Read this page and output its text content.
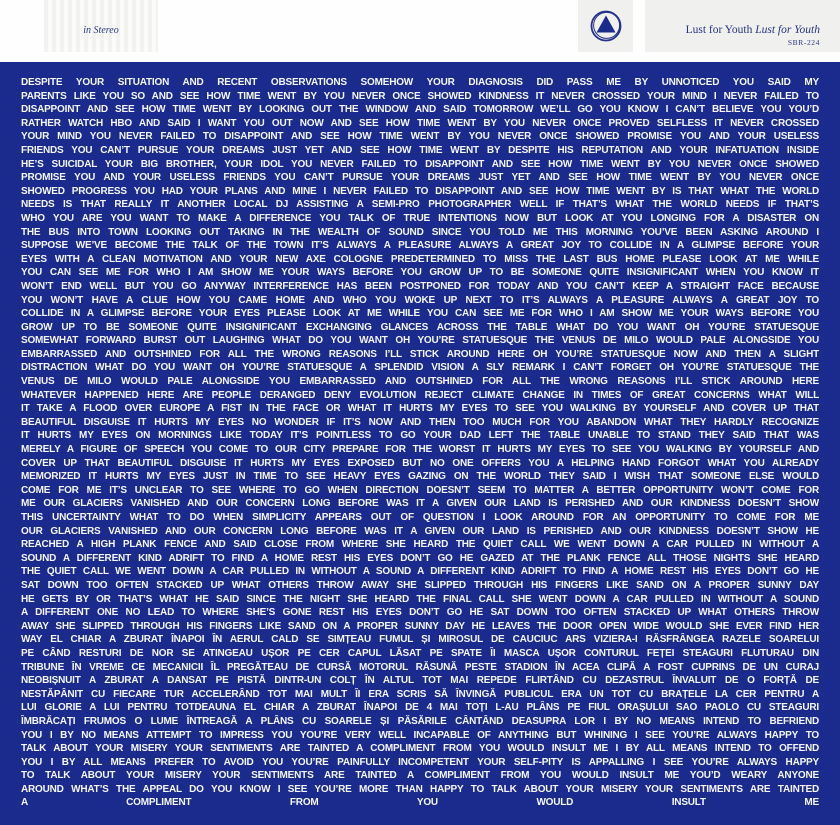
in Stereo	Lust for Youth Lust for Youth
SBR-224
DESPITE YOUR SITUATION AND RECENT OBSERVATIONS SOMEHOW YOUR DIAGNOSIS DID PASS ME BY UNNOTICED YOU SAID MY
PARENTS LIKE YOU SO AND SEE HOW TIME WENT BY YOU NEVER ONCE SHOWED KINDNESS IT NEVER CROSSED YOUR MIND I NEVER FAILED TO
DISAPPOINT AND SEE HOW TIME WENT BY LOOKING OUT THE WINDOW AND SAID TOMORROW WE’LL GO YOU KNOW I CAN’T BELIEVE YOU YOU’D
RATHER WATCH HBO AND SAID I WANT YOU OUT NOW AND SEE HOW TIME WENT BY YOU NEVER ONCE PROVED SELFLESS IT NEVER CROSSED
YOUR MIND YOU NEVER FAILED TO DISAPPOINT AND SEE HOW TIME WENT BY YOU NEVER ONCE SHOWED PROMISE YOU AND YOUR USELESS
FRIENDS YOU CAN’T PURSUE YOUR DREAMS JUST YET AND SEE HOW TIME WENT BY DESPITE HIS REPUTATION AND YOUR INFATUATION INSIDE
HE’S SUICIDAL YOUR BIG BROTHER, YOUR IDOL YOU NEVER FAILED TO DISAPPOINT AND SEE HOW TIME WENT BY YOU NEVER ONCE SHOWED
PROMISE YOU AND YOUR USELESS FRIENDS YOU CAN’T PURSUE YOUR DREAMS JUST YET AND SEE HOW TIME WENT BY YOU NEVER ONCE
SHOWED PROGRESS YOU HAD YOUR PLANS AND MINE I NEVER FAILED TO DISAPPOINT AND SEE HOW TIME WENT BY IS THAT WHAT THE WORLD
NEEDS IS THAT REALLY IT ANOTHER LOCAL DJ ASSISTING A SEMI-PRO PHOTOGRAPHER WELL IF THAT’S WHAT THE WORLD NEEDS IF THAT’S
WHO YOU ARE YOU WANT TO MAKE A DIFFERENCE YOU TALK OF TRUE INTENTIONS NOW BUT LOOK AT YOU LONGING FOR A DISASTER ON
THE BUS INTO TOWN LOOKING OUT TAKING IN THE WEALTH OF SOUND SINCE YOU TOLD ME THIS MORNING YOU’VE BEEN ASKING AROUND I
SUPPOSE WE’VE BECOME THE TALK OF THE TOWN IT’S ALWAYS A PLEASURE ALWAYS A GREAT JOY TO COLLIDE IN A GLIMPSE BEFORE YOUR
EYES WITH A CLEAN MOTIVATION AND YOUR NEW AXE COLOGNE PREDETERMINED TO MISS THE LAST BUS HOME PLEASE LOOK AT ME WHILE
YOU CAN SEE ME FOR WHO I AM SHOW ME YOUR WAYS BEFORE YOU GROW UP TO BE SOMEONE QUITE INSIGNIFICANT WHEN YOU KNOW IT
WON’T END WELL BUT YOU GO ANYWAY INTERFERENCE HAS BEEN POSTPONED FOR TODAY AND YOU CAN’T KEEP A STRAIGHT FACE BECAUSE
YOU WON’T HAVE A CLUE HOW YOU CAME HOME AND WHO YOU WOKE UP NEXT TO IT’S ALWAYS A PLEASURE ALWAYS A GREAT JOY TO
COLLIDE IN A GLIMPSE BEFORE YOUR EYES PLEASE LOOK AT ME WHILE YOU CAN SEE ME FOR WHO I AM SHOW ME YOUR WAYS BEFORE YOU
GROW UP TO BE SOMEONE QUITE INSIGNIFICANT EXCHANGING GLANCES ACROSS THE TABLE WHAT DO YOU WANT OH YOU’RE STATUESQUE
SOMEWHAT FORWARD BURST OUT LAUGHING WHAT DO YOU WANT OH YOU’RE STATUESQUE THE VENUS DE MILO WOULD PALE ALONGSIDE YOU
EMBARRASSED AND OUTSHINED FOR ALL THE WRONG REASONS I’LL STICK AROUND HERE OH YOU’RE STATUESQUE NOW AND THEN A SLIGHT
DISTRACTION WHAT DO YOU WANT OH YOU’RE STATUESQUE A SPLENDID VISION A SLY REMARK I CAN’T FORGET OH YOU’RE STATUESQUE THE
VENUS DE MILO WOULD PALE ALONGSIDE YOU EMBARRASSED AND OUTSHINED FOR ALL THE WRONG REASONS I’LL STICK AROUND HERE
WHATEVER HAPPENED HERE ARE PEOPLE DERANGED DENY EVOLUTION REJECT CLIMATE CHANGE IN TIMES OF GREAT CONCERNS WHAT WILL
IT TAKE A FLOOD OVER EUROPE A FIST IN THE FACE OR WHAT IT HURTS MY EYES TO SEE YOU WALKING BY YOURSELF AND COVER UP THAT
BEAUTIFUL DISGUISE IT HURTS MY EYES NO WONDER IF IT’S NOW AND THEN TOO MUCH FOR YOU ABANDON WHAT THEY HARDLY RECOGNIZE
IT HURTS MY EYES ON MORNINGS LIKE TODAY IT’S POINTLESS TO GO YOUR DAD LEFT THE TABLE UNABLE TO STAND THEY SAID THAT WAS
MERELY A FIGURE OF SPEECH YOU COME TO OUR CITY PREPARE FOR THE WORST IT HURTS MY EYES TO SEE YOU WALKING BY YOURSELF AND
COVER UP THAT BEAUTIFUL DISGUISE IT HURTS MY EYES EXPOSED BUT NO ONE OFFERS YOU A HELPING HAND FORGOT WHAT YOU ALREADY
MEMORIZED IT HURTS MY EYES JUST IN TIME TO SEE HEAVY EYES GAZING ON THE WORLD THEY SAID I WISH THAT SOMEONE ELSE WOULD
COME FOR ME IT’S UNCLEAR TO SEE WHERE TO GO WHEN DIRECTION DOESN’T SEEM TO MATTER A BETTER OPPORTUNITY WON’T COME FOR
ME OUR GLACIERS VANISHED AND OUR CONCERN LONG BEFORE WAS IT A GIVEN OUR LAND IS PERISHED AND OUR KINDNESS DOESN’T SHOW
THIS UNCERTAINTY WHAT TO DO WHEN SIMPLICITY APPEARS OUT OF QUESTION I LOOK AROUND FOR AN OPPORTUNITY TO COME FOR ME
OUR GLACIERS VANISHED AND OUR CONCERN LONG BEFORE WAS IT A GIVEN OUR LAND IS PERISHED AND OUR KINDNESS DOESN’T SHOW HE
REACHED A HIGH PLANK FENCE AND SAID CLOSE FROM WHERE SHE HEARD THE QUIET CALL WE WENT DOWN A CAR PULLED IN WITHOUT A
SOUND A DIFFERENT KIND ADRIFT TO FIND A HOME REST HIS EYES DON’T GO HE GAZED AT THE PLANK FENCE ALL THOSE NIGHTS SHE HEARD
THE QUIET CALL WE WENT DOWN A CAR PULLED IN WITHOUT A SOUND A DIFFERENT KIND ADRIFT TO FIND A HOME REST HIS EYES DON’T GO HE
SAT DOWN TOO OFTEN STACKED UP WHAT OTHERS THROW AWAY SHE SLIPPED THROUGH HIS FINGERS LIKE SAND ON A PROPER SUNNY DAY
HE GETS BY OR THAT’S WHAT HE SAID SINCE THE NIGHT SHE HEARD THE FINAL CALL SHE WENT DOWN A CAR PULLED IN WITHOUT A SOUND
A DIFFERENT ONE NO LEAD TO WHERE SHE’S GONE REST HIS EYES DON’T GO HE SAT DOWN TOO OFTEN STACKED UP WHAT OTHERS THROW
AWAY SHE SLIPPED THROUGH HIS FINGERS LIKE SAND ON A PROPER SUNNY DAY HE LEAVES THE DOOR OPEN WIDE WOULD SHE EVER FIND HER
WAY EL CHIAR A ZBURAT ÎNAPOI ÎN AERUL CALD SE SIMȚEAU FUMUL ȘI MIROSUL DE CAUCIUC ARS VIZIERA-I RĂSFRÂNGEA RAZELE SOARELUI
PE CÂND RESTURI DE NOR SE ATINGEAU UȘOR PE CER CAPUL LĂSAT PE SPATE ÎI MASCA UȘOR CONTURUL FEȚEI STEAGURI FLUTURAU DIN
TRIBUNE ÎN VREME CE MECANICII ÎL PREGĂTEAU DE CURSĂ MOTORUL RĂSUNĂ PESTE STADION ÎN ACEA CLIPĂ A FOST CUPRINS DE UN CURAJ
NEOBIȘNUIT A ZBURAT A DANSAT PE PISTĂ DINTR-UN COLȚ ÎN ALTUL TOT MAI REPEDE FLIRTÂND CU DEZASTRUL ÎNVALUIT DE O FORȚĂ DE
NESTĂPÂNIT CU FIECARE TUR ACCELERÂND TOT MAI MULT ÎI ERA SCRIS SĂ ÎNVINGĂ PUBLICUL ERA UN TOT CU BRAȚELE LA CER PENTRU A
LUI GLORIE A LUI PENTRU TOTDEAUNA EL CHIAR A ZBURAT ÎNAPOI DE 4 MAI TOȚI L-AU PLÂNS PE FIUL ORAȘULUI SAO PAOLO CU STEAGURI
ÎMBRĂCAȚI FRUMOS O LUME ÎNTREAGĂ A PLÂNS CU SOARELE ȘI PĂSĂRILE CÂNTÂND DEASUPRA LOR I BY NO MEANS INTEND TO BEFRIEND
YOU I BY NO MEANS ATTEMPT TO IMPRESS YOU YOU’RE VERY WELL INCAPABLE OF ANYTHING BUT WHINING I SEE YOU’RE ALWAYS HAPPY TO
TALK ABOUT YOUR MISERY YOUR SENTIMENTS ARE TAINTED A COMPLIMENT FROM YOU WOULD INSULT ME I BY ALL MEANS INTEND TO OFFEND
YOU I BY ALL MEANS PREFER TO AVOID YOU YOU’RE PAINFULLY INCOMPETENT YOUR SELF-PITY IS APPALLING I SEE YOU’RE ALWAYS HAPPY
TO TALK ABOUT YOUR MISERY YOUR SENTIMENTS ARE TAINTED A COMPLIMENT FROM YOU WOULD INSULT ME YOU’D WEARY ANYONE
AROUND WHAT’S THE APPEAL DO YOU KNOW I SEE YOU’RE MORE THAN HAPPY TO TALK ABOUT YOUR MISERY YOUR SENTIMENTS ARE TAINTED
A COMPLIMENT FROM YOU WOULD INSULT ME
